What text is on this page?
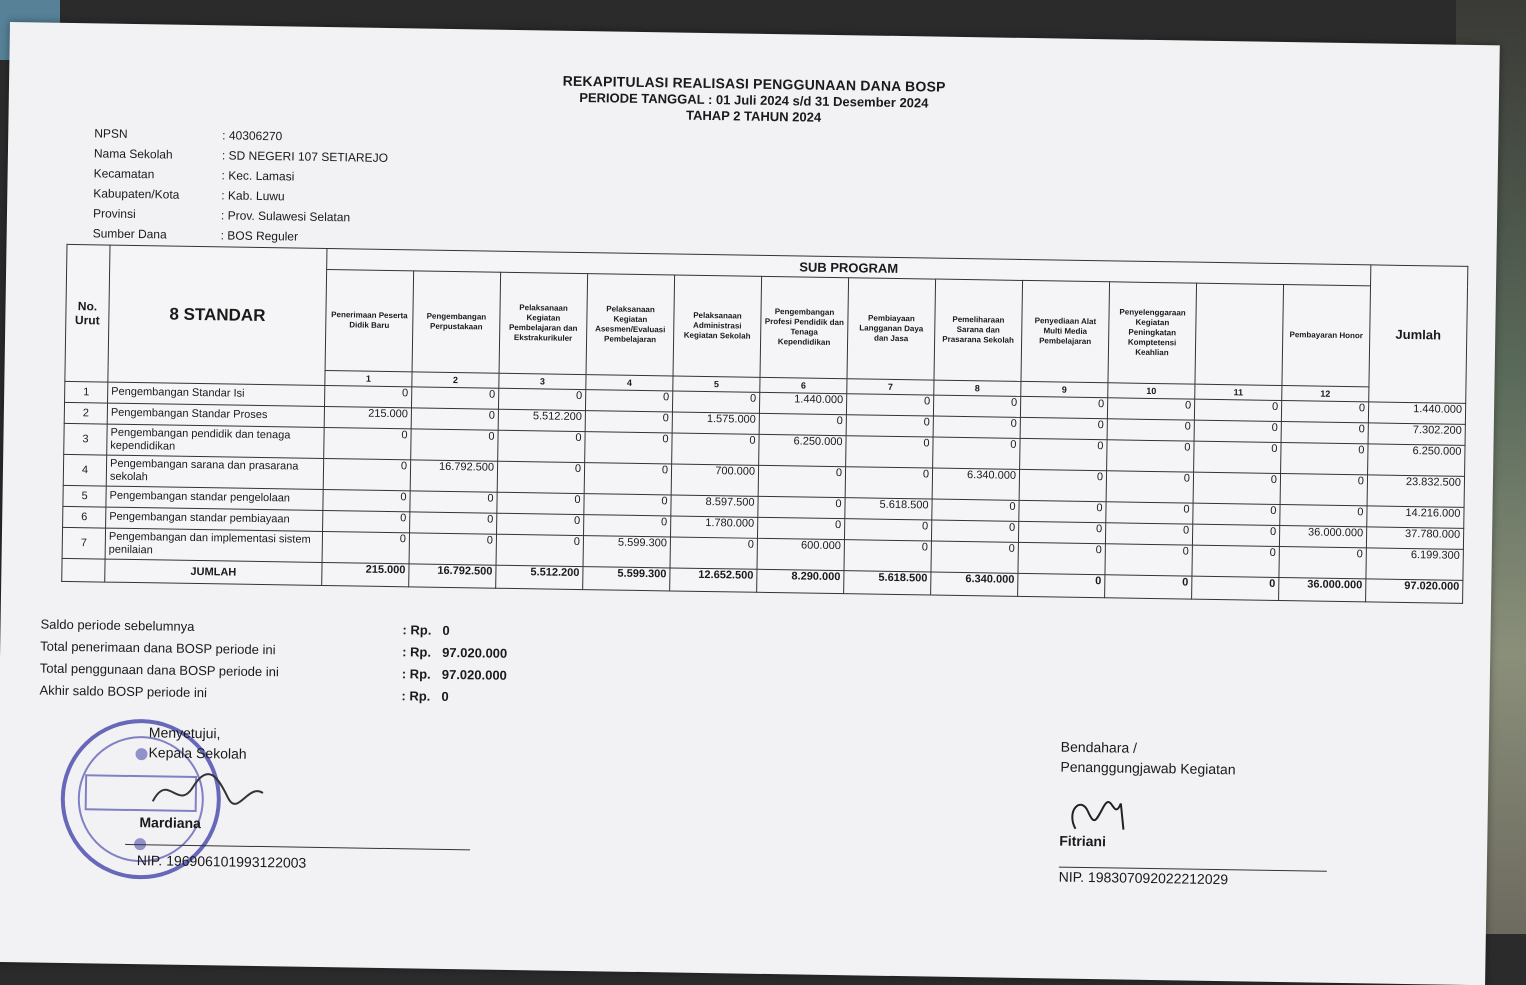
REKAPITULASI REALISASI PENGGUNAAN DANA BOSP
PERIODE TANGGAL : 01 Juli 2024 s/d 31 Desember 2024
TAHAP 2 TAHUN 2024
NPSN	: 40306270
Nama Sekolah	: SD NEGERI 107 SETIAREJO
Kecamatan	: Kec. Lamasi
Kabupaten/Kota	: Kab. Luwu
Provinsi	: Prov. Sulawesi Selatan
Sumber Dana	: BOS Reguler
No. Urut	8 STANDAR	SUB PROGRAM												Jumlah
		Penerimaan Peserta Didik Baru	Pengembangan Perpustakaan	Pelaksanaan Kegiatan Pembelajaran dan Ekstrakurikuler	Pelaksanaan Kegiatan Asesmen/Evaluasi Pembelajaran	Pelaksanaan Administrasi Kegiatan Sekolah	Pengembangan Profesi Pendidik dan Tenaga Kependidikan	Pembiayaan Langganan Daya dan Jasa	Pemeliharaan Sarana dan Prasarana Sekolah	Penyediaan Alat Multi Media Pembelajaran	Penyelenggaraan Kegiatan Peningkatan Komptetensi Keahlian		Pembayaran Honor	
		1	2	3	4	5	6	7	8	9	10	11	12	
1	Pengembangan Standar Isi	0	0	0	0	0	1.440.000	0	0	0	0	0	0	1.440.000
2	Pengembangan Standar Proses	215.000	0	5.512.200	0	1.575.000	0	0	0	0	0	0	0	7.302.200
3	Pengembangan pendidik dan tenaga kependidikan	0	0	0	0	0	6.250.000	0	0	0	0	0	0	6.250.000
4	Pengembangan sarana dan prasarana sekolah	0	16.792.500	0	0	700.000	0	0	6.340.000	0	0	0	0	23.832.500
5	Pengembangan standar pengelolaan	0	0	0	0	8.597.500	0	5.618.500	0	0	0	0	0	14.216.000
6	Pengembangan standar pembiayaan	0	0	0	0	1.780.000	0	0	0	0	0	0	36.000.000	37.780.000
7	Pengembangan dan implementasi sistem penilaian	0	0	0	5.599.300	0	600.000	0	0	0	0	0	0	6.199.300
	JUMLAH	215.000	16.792.500	5.512.200	5.599.300	12.652.500	8.290.000	5.618.500	6.340.000	0	0	0	36.000.000	97.020.000
Saldo periode sebelumnya	: Rp. 0
Total penerimaan dana BOSP periode ini	: Rp. 97.020.000
Total penggunaan dana BOSP periode ini	: Rp. 97.020.000
Akhir saldo BOSP periode ini	: Rp. 0
Menyetujui,
Kepala Sekolah
Mardiana
NIP. 196906101993122003
Bendahara /
Penanggungjawab Kegiatan
Fitriani
NIP. 198307092022212029
